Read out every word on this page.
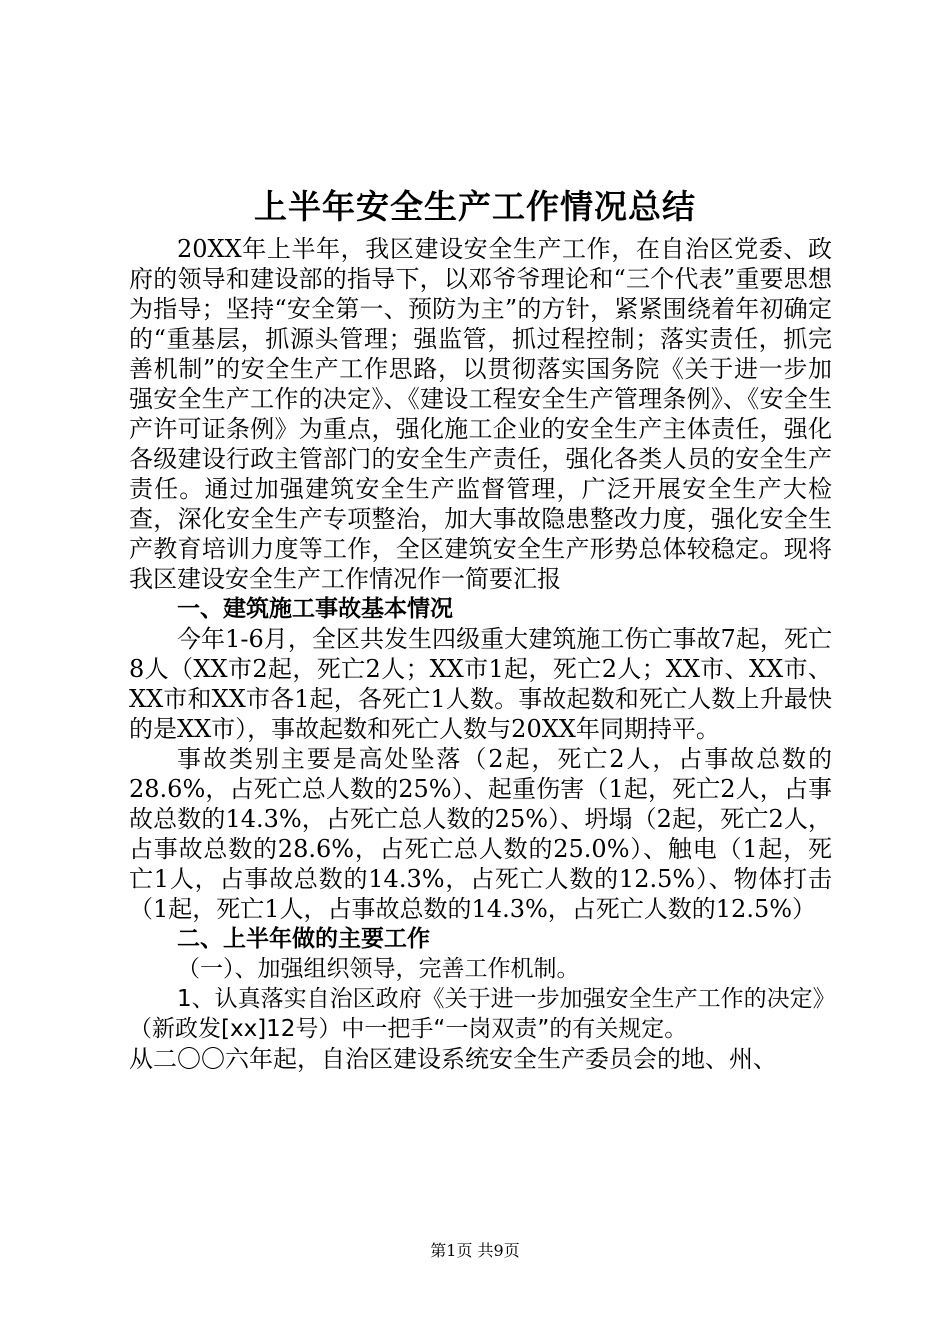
上半年安全生产工作情况总结

20XX年上半年，我区建设安全生产工作，在自治区党委、政府的领导和建设部的指导下，以邓爷爷理论和“三个代表”重要思想为指导；坚持“安全第一、预防为主”的方针，紧紧围绕着年初确定的“重基层，抓源头管理；强监管，抓过程控制；落实责任，抓完善机制”的安全生产工作思路，以贯彻落实国务院《关于进一步加强安全生产工作的决定》、《建设工程安全生产管理条例》、《安全生产许可证条例》为重点，强化施工企业的安全生产主体责任，强化各级建设行政主管部门的安全生产责任，强化各类人员的安全生产责任。通过加强建筑安全生产监督管理，广泛开展安全生产大检查，深化安全生产专项整治，加大事故隐患整改力度，强化安全生产教育培训力度等工作，全区建筑安全生产形势总体较稳定。现将我区建设安全生产工作情况作一简要汇报

一、建筑施工事故基本情况

今年1-6月，全区共发生四级重大建筑施工伤亡事故7起，死亡8人（XX市2起，死亡2人；XX市1起，死亡2人；XX市、XX市、XX市和XX市各1起，各死亡1人数。事故起数和死亡人数上升最快的是XX市），事故起数和死亡人数与20XX年同期持平。

事故类别主要是高处坠落（2起，死亡2人，占事故总数的28.6%，占死亡总人数的25%）、起重伤害（1起，死亡2人，占事故总数的14.3%，占死亡总人数的25%）、坍塌（2起，死亡2人，占事故总数的28.6%，占死亡总人数的25.0%）、触电（1起，死亡1人，占事故总数的14.3%，占死亡人数的12.5%）、物体打击（1起，死亡1人，占事故总数的14.3%，占死亡人数的12.5%）

二、上半年做的主要工作

（一）、加强组织领导，完善工作机制。

1、认真落实自治区政府《关于进一步加强安全生产工作的决定》（新政发[xx]12号）中一把手“一岗双责”的有关规定。

从二〇〇六年起，自治区建设系统安全生产委员会的地、州、

第1页 共9页
